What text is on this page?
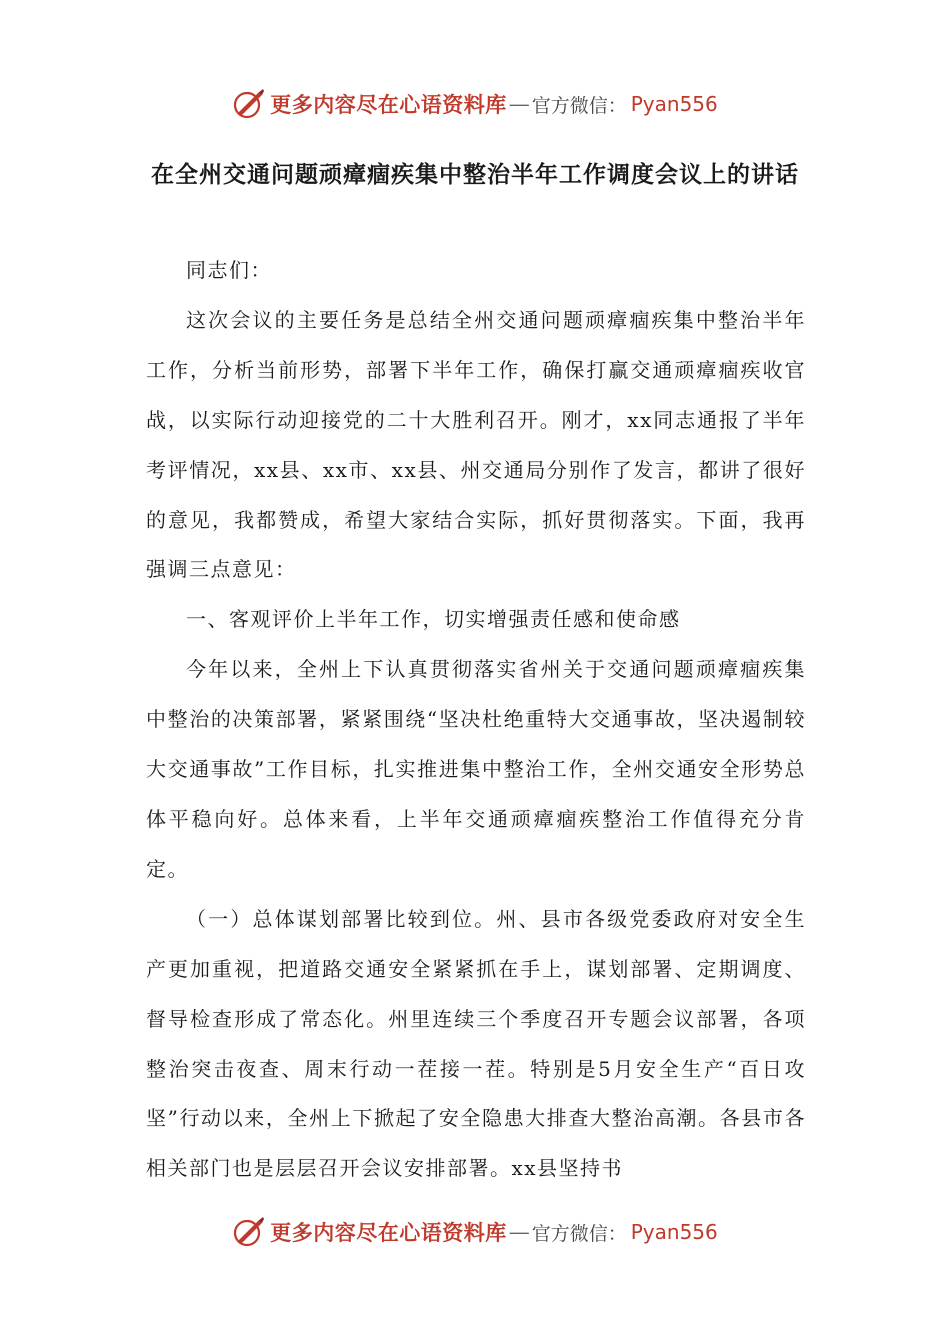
更多内容尽在心语资料库 — 官方微信： Pyan556
在全州交通问题顽瘴痼疾集中整治半年工作调度会议上的讲话

同志们：

这次会议的主要任务是总结全州交通问题顽瘴痼疾集中整治半年工作，分析当前形势，部署下半年工作，确保打赢交通顽瘴痼疾收官战，以实际行动迎接党的二十大胜利召开。刚才，xx同志通报了半年考评情况，xx县、xx市、xx县、州交通局分别作了发言，都讲了很好的意见，我都赞成，希望大家结合实际，抓好贯彻落实。下面，我再强调三点意见：

一、客观评价上半年工作，切实增强责任感和使命感

今年以来，全州上下认真贯彻落实省州关于交通问题顽瘴痼疾集中整治的决策部署，紧紧围绕“坚决杜绝重特大交通事故，坚决遏制较大交通事故”工作目标，扎实推进集中整治工作，全州交通安全形势总体平稳向好。总体来看，上半年交通顽瘴痼疾整治工作值得充分肯定。

（一）总体谋划部署比较到位。州、县市各级党委政府对安全生产更加重视，把道路交通安全紧紧抓在手上，谋划部署、定期调度、督导检查形成了常态化。州里连续三个季度召开专题会议部署，各项整治突击夜查、周末行动一茬接一茬。特别是5月安全生产“百日攻坚”行动以来，全州上下掀起了安全隐患大排查大整治高潮。各县市各相关部门也是层层召开会议安排部署。xx县坚持书

更多内容尽在心语资料库 — 官方微信： Pyan556
